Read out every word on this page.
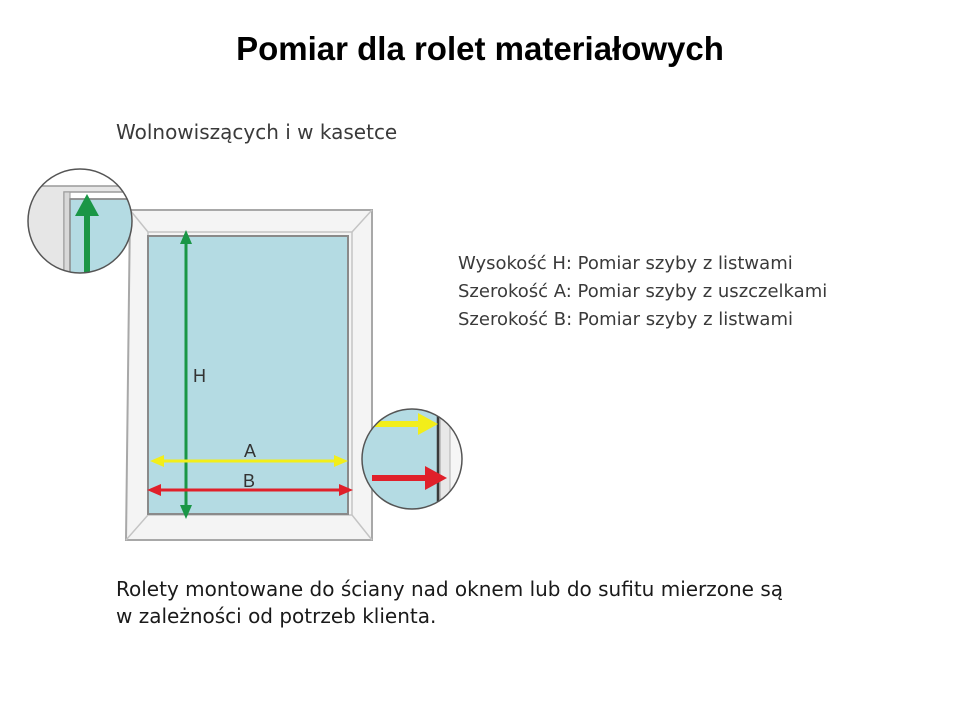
Pomiar dla rolet materiałowych
Wolnowiszących i w kasetce
H
A
B
Wysokość H: Pomiar szyby z listwami
Szerokość A: Pomiar szyby z uszczelkami
Szerokość B: Pomiar szyby z listwami
Rolety montowane do ściany nad oknem lub do sufitu mierzone są
w zależności od potrzeb klienta.
